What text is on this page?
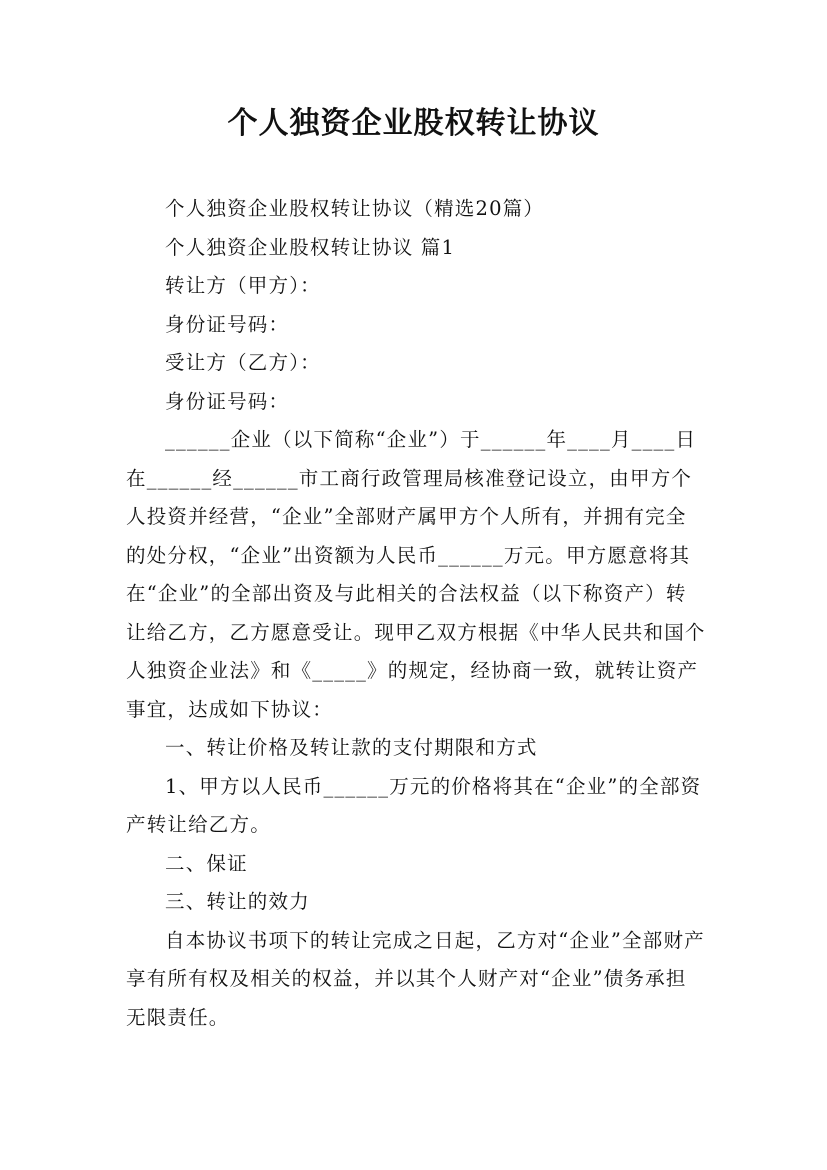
个人独资企业股权转让协议

个人独资企业股权转让协议（精选20篇）

个人独资企业股权转让协议 篇1

转让方（甲方）：

身份证号码：

受让方（乙方）：

身份证号码：

______企业（以下简称“企业”）于______年____月____日在______经______市工商行政管理局核准登记设立，由甲方个人投资并经营，“企业”全部财产属甲方个人所有，并拥有完全的处分权，“企业”出资额为人民币______万元。甲方愿意将其在“企业”的全部出资及与此相关的合法权益（以下称资产）转让给乙方，乙方愿意受让。现甲乙双方根据《中华人民共和国个人独资企业法》和《_____》的规定，经协商一致，就转让资产事宜，达成如下协议：

一、转让价格及转让款的支付期限和方式

1、甲方以人民币______万元的价格将其在“企业”的全部资产转让给乙方。

二、保证

三、转让的效力

自本协议书项下的转让完成之日起，乙方对“企业”全部财产享有所有权及相关的权益，并以其个人财产对“企业”债务承担无限责任。
